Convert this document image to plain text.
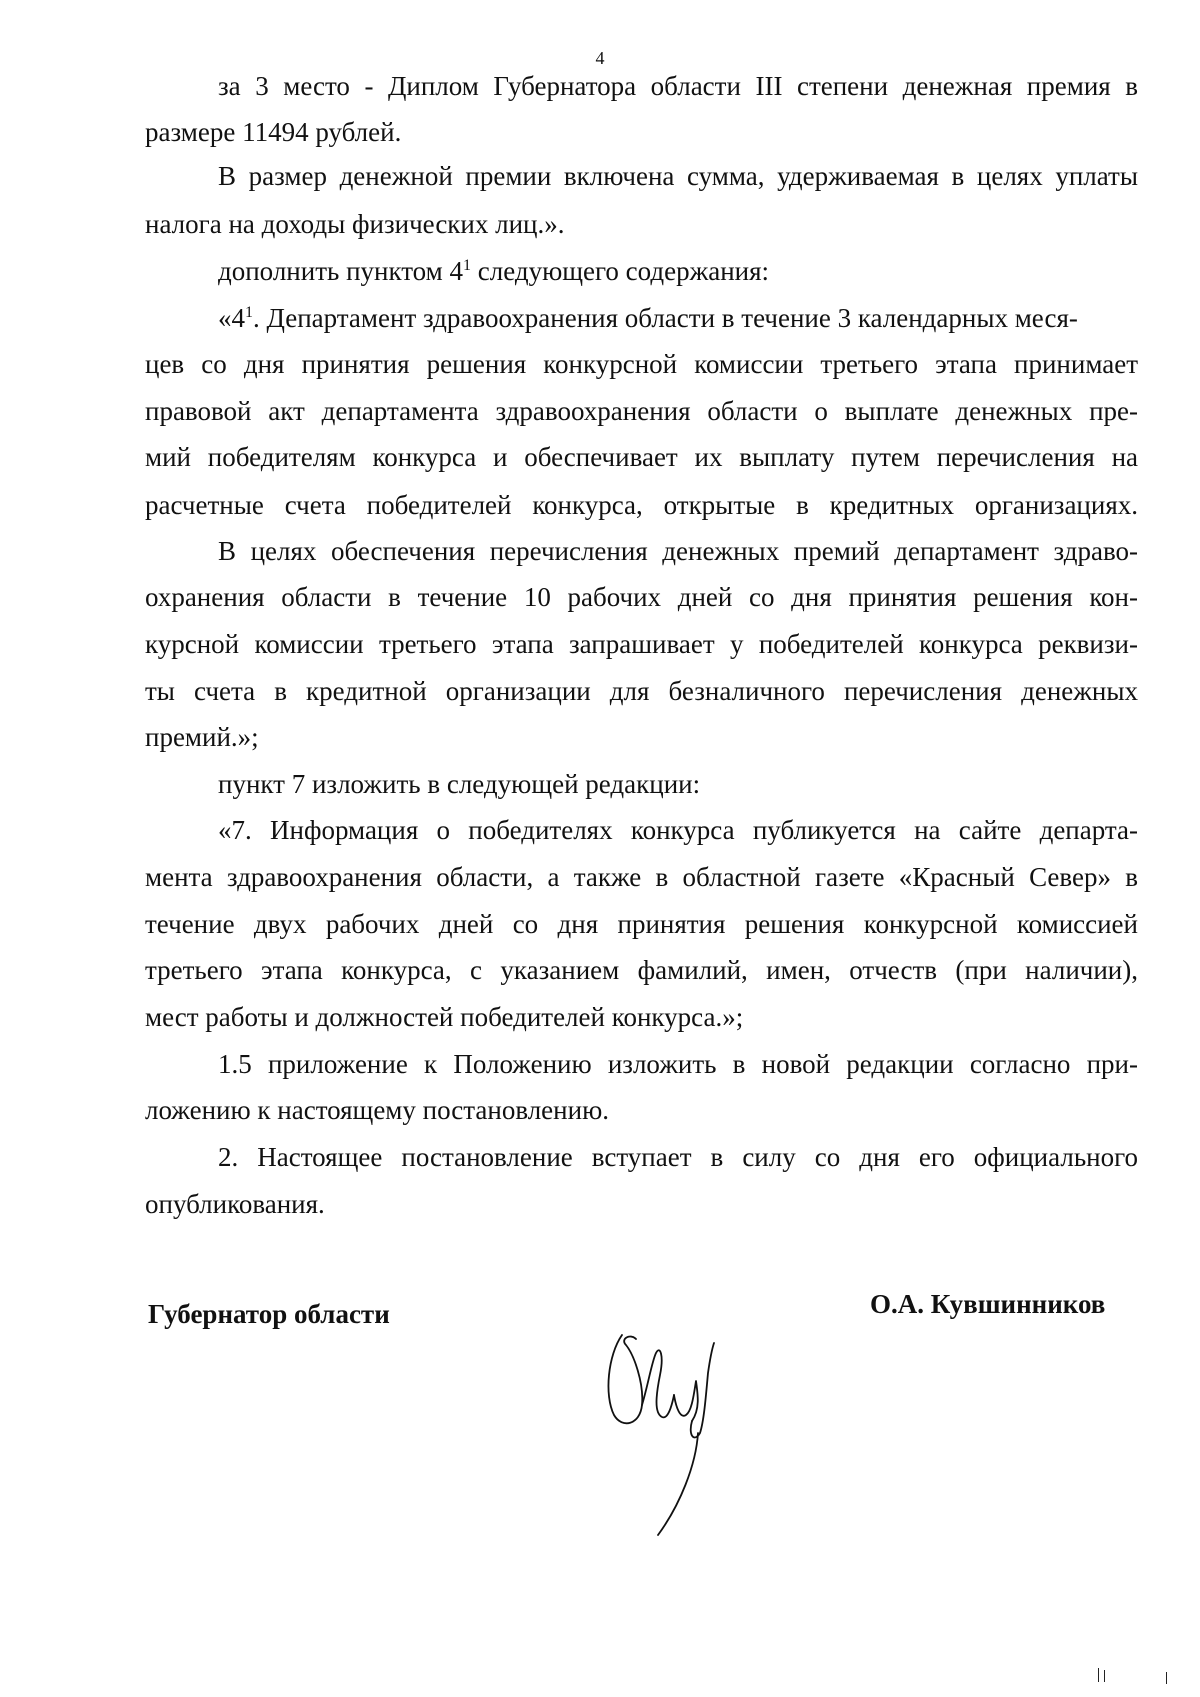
4
за 3 место - Диплом Губернатора области III степени денежная премия в
размере 11494 рублей.
В размер денежной премии включена сумма, удерживаемая в целях уплаты
налога на доходы физических лиц.».
дополнить пунктом $4^1$ следующего содержания:
«$4^1$. Департамент здравоохранения области в течение 3 календарных меся-
цев со дня принятия решения конкурсной комиссии третьего этапа принимает
правовой акт департамента здравоохранения области о выплате денежных пре-
мий победителям конкурса и обеспечивает их выплату путем перечисления на
расчетные счета победителей конкурса, открытые в кредитных организациях.
В целях обеспечения перечисления денежных премий департамент здраво-
охранения области в течение 10 рабочих дней со дня принятия решения кон-
курсной комиссии третьего этапа запрашивает у победителей конкурса реквизи-
ты счета в кредитной организации для безналичного перечисления денежных
премий.»;
пункт 7 изложить в следующей редакции:
«7. Информация о победителях конкурса публикуется на сайте департа-
мента здравоохранения области, а также в областной газете «Красный Север» в
течение двух рабочих дней со дня принятия решения конкурсной комиссией
третьего этапа конкурса, с указанием фамилий, имен, отчеств (при наличии),
мест работы и должностей победителей конкурса.»;
1.5 приложение к Положению изложить в новой редакции согласно при-
ложению к настоящему постановлению.
2. Настоящее постановление вступает в силу со дня его официального
опубликования.
Губернатор области	О.А. Кувшинников
